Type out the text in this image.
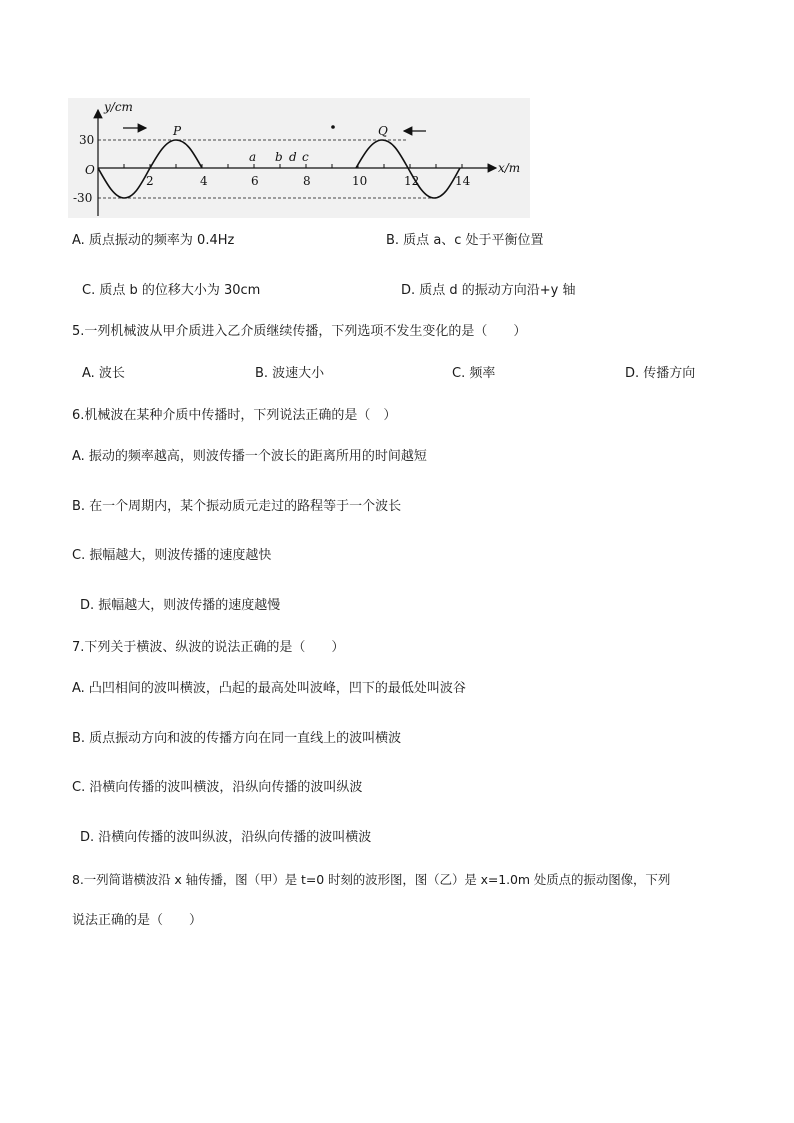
y/cm
x/m
O
30
-30
2	4	6	8	10	12	14
P	Q
a b d c
A. 质点振动的频率为 0.4Hz	B. 质点 a、c 处于平衡位置
C. 质点 b 的位移大小为 30cm	D. 质点 d 的振动方向沿+y 轴
5.一列机械波从甲介质进入乙介质继续传播，下列选项不发生变化的是（　　）
A. 波长	B. 波速大小	C. 频率	D. 传播方向
6.机械波在某种介质中传播时，下列说法正确的是（　）
A. 振动的频率越高，则波传播一个波长的距离所用的时间越短
B. 在一个周期内，某个振动质元走过的路程等于一个波长
C. 振幅越大，则波传播的速度越快
D. 振幅越大，则波传播的速度越慢
7.下列关于横波、纵波的说法正确的是（　　）
A. 凸凹相间的波叫横波，凸起的最高处叫波峰，凹下的最低处叫波谷
B. 质点振动方向和波的传播方向在同一直线上的波叫横波
C. 沿横向传播的波叫横波，沿纵向传播的波叫纵波
D. 沿横向传播的波叫纵波，沿纵向传播的波叫横波
8.一列简谐横波沿 x 轴传播，图（甲）是 t=0 时刻的波形图，图（乙）是 x=1.0m 处质点的振动图像，下列
说法正确的是（　　）
